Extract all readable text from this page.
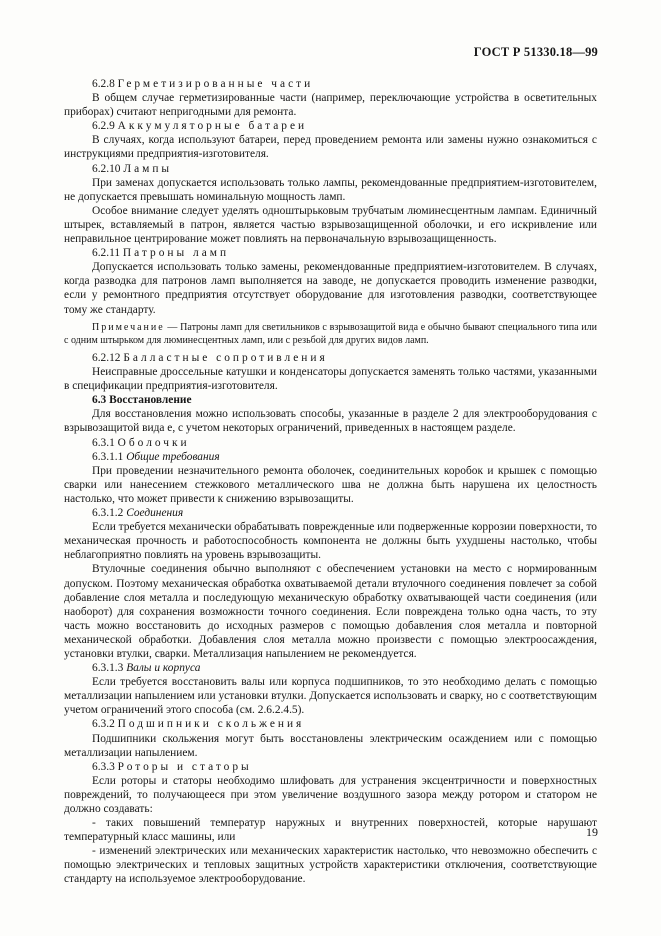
ГОСТ Р 51330.18—99

6.2.8 Герметизированные части

В общем случае герметизированные части (например, переключающие устройства в осветительных приборах) считают непригодными для ремонта.

6.2.9 Аккумуляторные батареи

В случаях, когда используют батареи, перед проведением ремонта или замены нужно ознакомиться с инструкциями предприятия-изготовителя.

6.2.10 Лампы

При заменах допускается использовать только лампы, рекомендованные предприятием-изготовителем, не допускается превышать номинальную мощность ламп.

Особое внимание следует уделять одноштырьковым трубчатым люминесцентным лампам. Единичный штырек, вставляемый в патрон, является частью взрывозащищенной оболочки, и его искривление или неправильное центрирование может повлиять на первоначальную взрывозащищенность.

6.2.11 Патроны ламп

Допускается использовать только замены, рекомендованные предприятием-изготовителем. В случаях, когда разводка для патронов ламп выполняется на заводе, не допускается проводить изменение разводки, если у ремонтного предприятия отсутствует оборудование для изготовления разводки, соответствующее тому же стандарту.

Примечание — Патроны ламп для светильников с взрывозащитой вида е обычно бывают специального типа или с одним штырьком для люминесцентных ламп, или с резьбой для других видов ламп.

6.2.12 Балластные сопротивления

Неисправные дроссельные катушки и конденсаторы допускается заменять только частями, указанными в спецификации предприятия-изготовителя.

6.3 Восстановление

Для восстановления можно использовать способы, указанные в разделе 2 для электрооборудования с взрывозащитой вида е, с учетом некоторых ограничений, приведенных в настоящем разделе.

6.3.1 Оболочки

6.3.1.1 Общие требования

При проведении незначительного ремонта оболочек, соединительных коробок и крышек с помощью сварки или нанесением стежкового металлического шва не должна быть нарушена их целостность настолько, что может привести к снижению взрывозащиты.

6.3.1.2 Соединения

Если требуется механически обрабатывать поврежденные или подверженные коррозии поверхности, то механическая прочность и работоспособность компонента не должны быть ухудшены настолько, чтобы неблагоприятно повлиять на уровень взрывозащиты.

Втулочные соединения обычно выполняют с обеспечением установки на место с нормированным допуском. Поэтому механическая обработка охватываемой детали втулочного соединения повлечет за собой добавление слоя металла и последующую механическую обработку охватывающей части соединения (или наоборот) для сохранения возможности точного соединения. Если повреждена только одна часть, то эту часть можно восстановить до исходных размеров с помощью добавления слоя металла и повторной механической обработки. Добавления слоя металла можно произвести с помощью электроосаждения, установки втулки, сварки. Металлизация напылением не рекомендуется.

6.3.1.3 Валы и корпуса

Если требуется восстановить валы или корпуса подшипников, то это необходимо делать с помощью металлизации напылением или установки втулки. Допускается использовать и сварку, но с соответствующим учетом ограничений этого способа (см. 2.6.2.4.5).

6.3.2 Подшипники скольжения

Подшипники скольжения могут быть восстановлены электрическим осаждением или с помощью металлизации напылением.

6.3.3 Роторы и статоры

Если роторы и статоры необходимо шлифовать для устранения эксцентричности и поверхностных повреждений, то получающееся при этом увеличение воздушного зазора между ротором и статором не должно создавать:

- таких повышений температур наружных и внутренних поверхностей, которые нарушают температурный класс машины, или

- изменений электрических или механических характеристик настолько, что невозможно обеспечить с помощью электрических и тепловых защитных устройств характеристики отключения, соответствующие стандарту на используемое электрооборудование.

19
